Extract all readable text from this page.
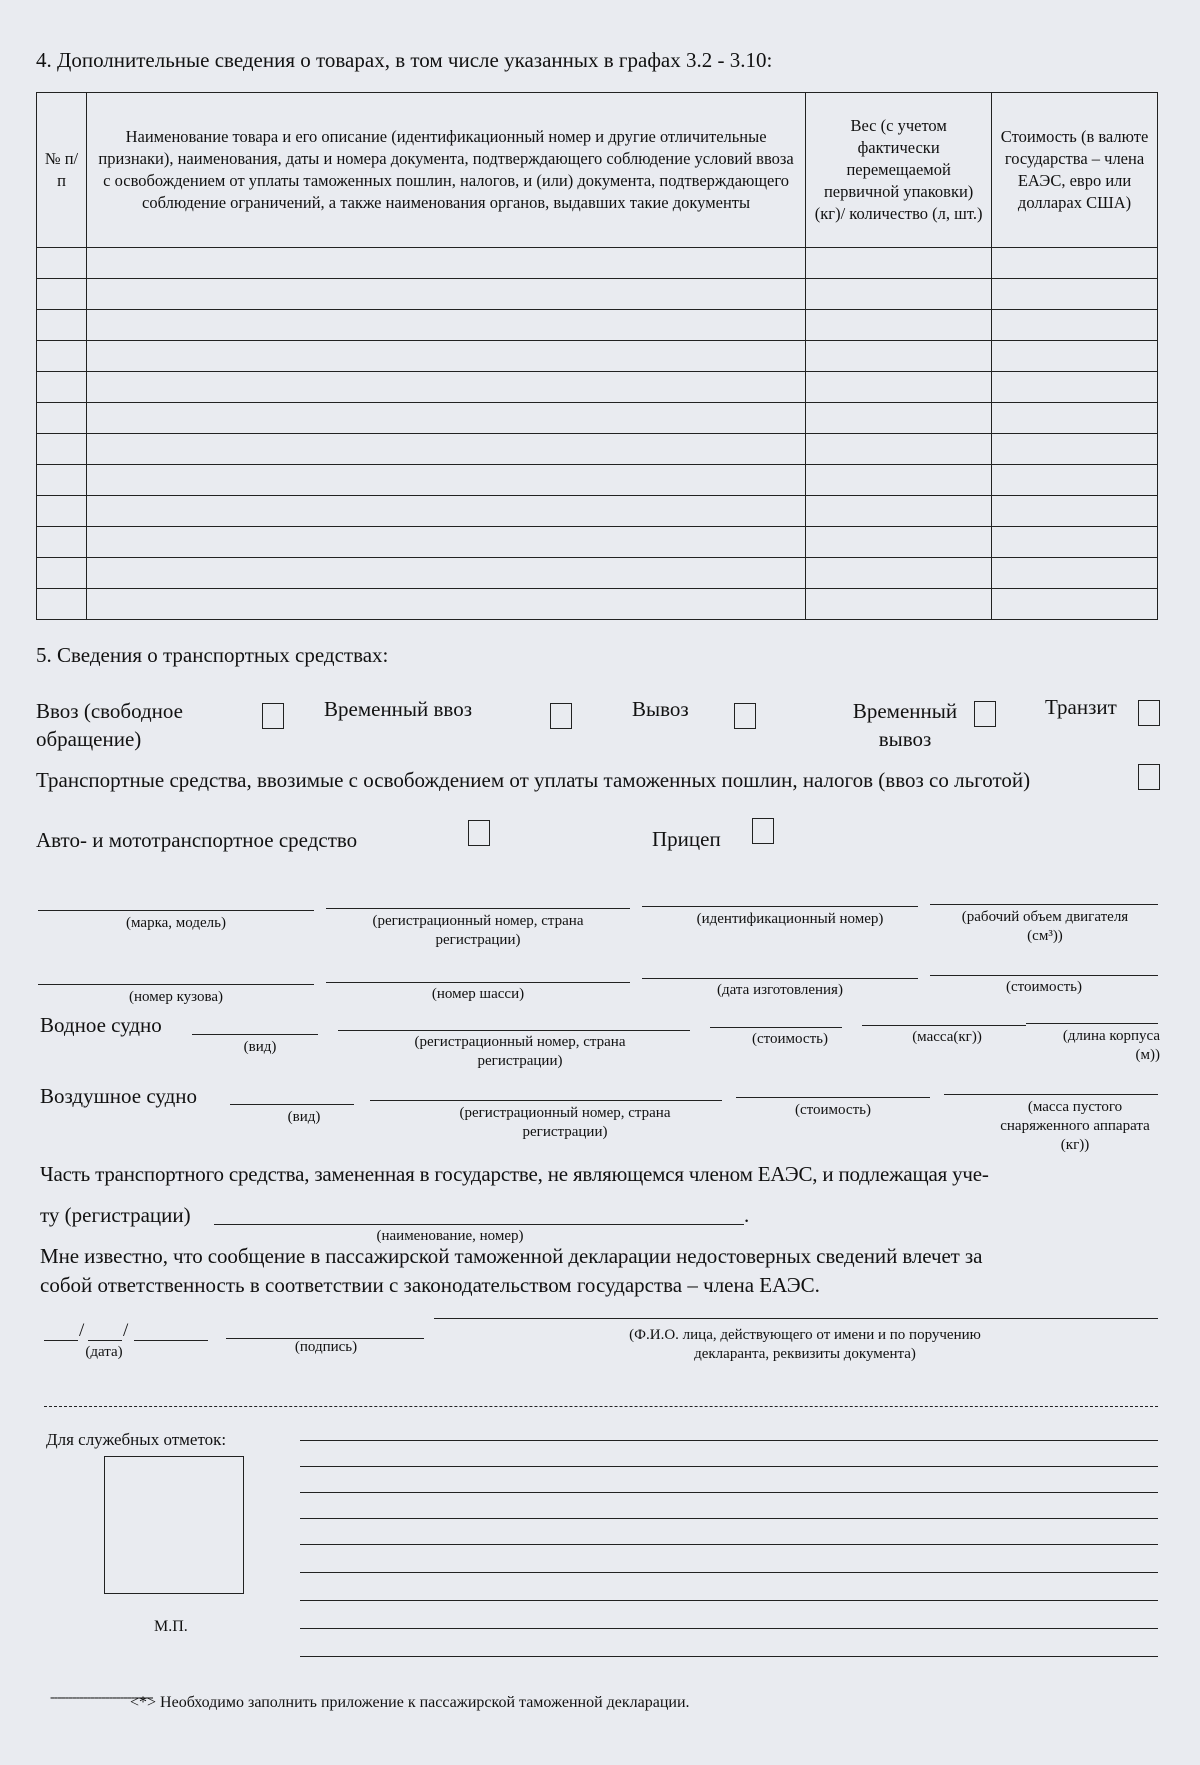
4. Дополнительные сведения о товарах, в том числе указанных в графах 3.2 - 3.10:
№ п/п	Наименование товара и его описание (идентификационный номер и другие отличительные признаки), наименования, даты и номера документа, подтверждающего соблюдение условий ввоза с освобождением от уплаты таможенных пошлин, налогов, и (или) документа, подтверждающего соблюдение ограничений, а также наименования органов, выдавших такие документы	Вес (с учетом фактически перемещаемой первичной упаковки) (кг)/ количество (л, шт.)	Стоимость (в валюте государства – члена ЕАЭС, евро или долларах США)

5. Сведения о транспортных средствах:
Ввоз (свободное обращение)
Временный ввоз	Вывоз	Временный вывоз
Транзит
Транспортные средства, ввозимые с освобождением от уплаты таможенных пошлин, налогов (ввоз со льготой)
Авто- и мототранспортное средство	Прицеп
(марка, модель)	(регистрационный номер, страна регистрации)
(идентификационный номер)	(рабочий объем двигателя (см³))
(номер кузова)	(номер шасси)	(дата изготовления)	(стоимость)
Водное судно
(вид)	(регистрационный номер, страна регистрации)
(стоимость)	(масса(кг))	(длина корпуса (м))
Воздушное судно
(вид)	(регистрационный номер, страна регистрации)
(стоимость)	(масса пустого снаряженного аппарата (кг))
Часть транспортного средства, замененная в государстве, не являющемся членом ЕАЭС, и подлежащая уче-
ту (регистрации)	.
(наименование, номер)
Мне известно, что сообщение в пассажирской таможенной декларации недостоверных сведений влечет за
собой ответственность в соответствии с законодательством государства – члена ЕАЭС.
/ /
(дата)	(подпись)
(Ф.И.О. лица, действующего от имени и по поручению декларанта, реквизиты документа)
Для служебных отметок:
М.П.
----------------------------
<*> Необходимо заполнить приложение к пассажирской таможенной декларации.
